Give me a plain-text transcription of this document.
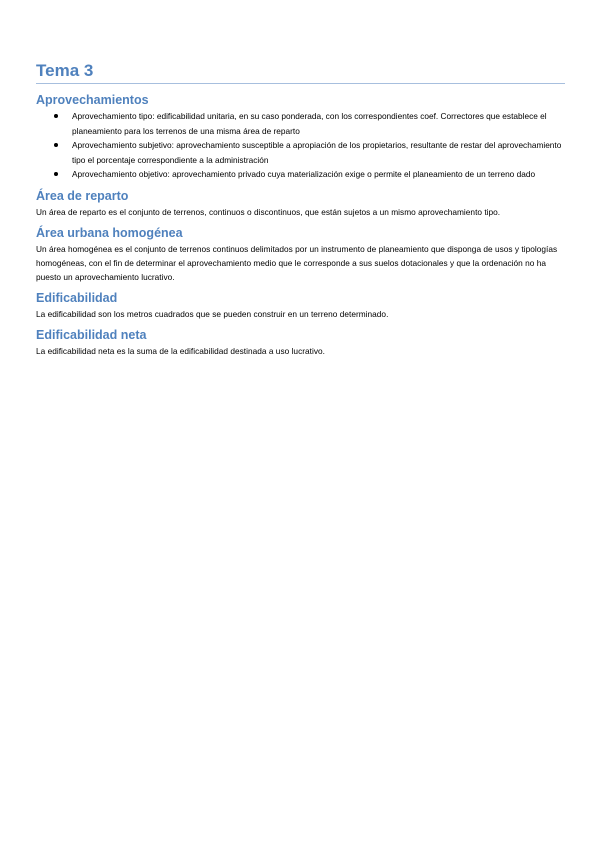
Tema 3
Aprovechamientos
Aprovechamiento tipo: edificabilidad unitaria, en su caso ponderada, con los correspondientes coef. Correctores que establece el planeamiento para los terrenos de una misma área de reparto
Aprovechamiento subjetivo: aprovechamiento susceptible a apropiación de los propietarios, resultante de restar del aprovechamiento tipo el porcentaje correspondiente a la administración
Aprovechamiento objetivo: aprovechamiento privado cuya materialización exige o permite el planeamiento de un terreno dado
Área de reparto

Un área de reparto es el conjunto de terrenos, continuos o discontinuos, que están sujetos a un mismo aprovechamiento tipo.

Área urbana homogénea

Un área homogénea es el conjunto de terrenos continuos delimitados por un instrumento de planeamiento que disponga de usos y tipologías homogéneas, con el fin de determinar el aprovechamiento medio que le corresponde a sus suelos dotacionales y que la ordenación no ha puesto un aprovechamiento lucrativo.

Edificabilidad

La edificabilidad son los metros cuadrados que se pueden construir en un terreno determinado.

Edificabilidad neta

La edificabilidad neta es la suma de la edificabilidad destinada a uso lucrativo.
